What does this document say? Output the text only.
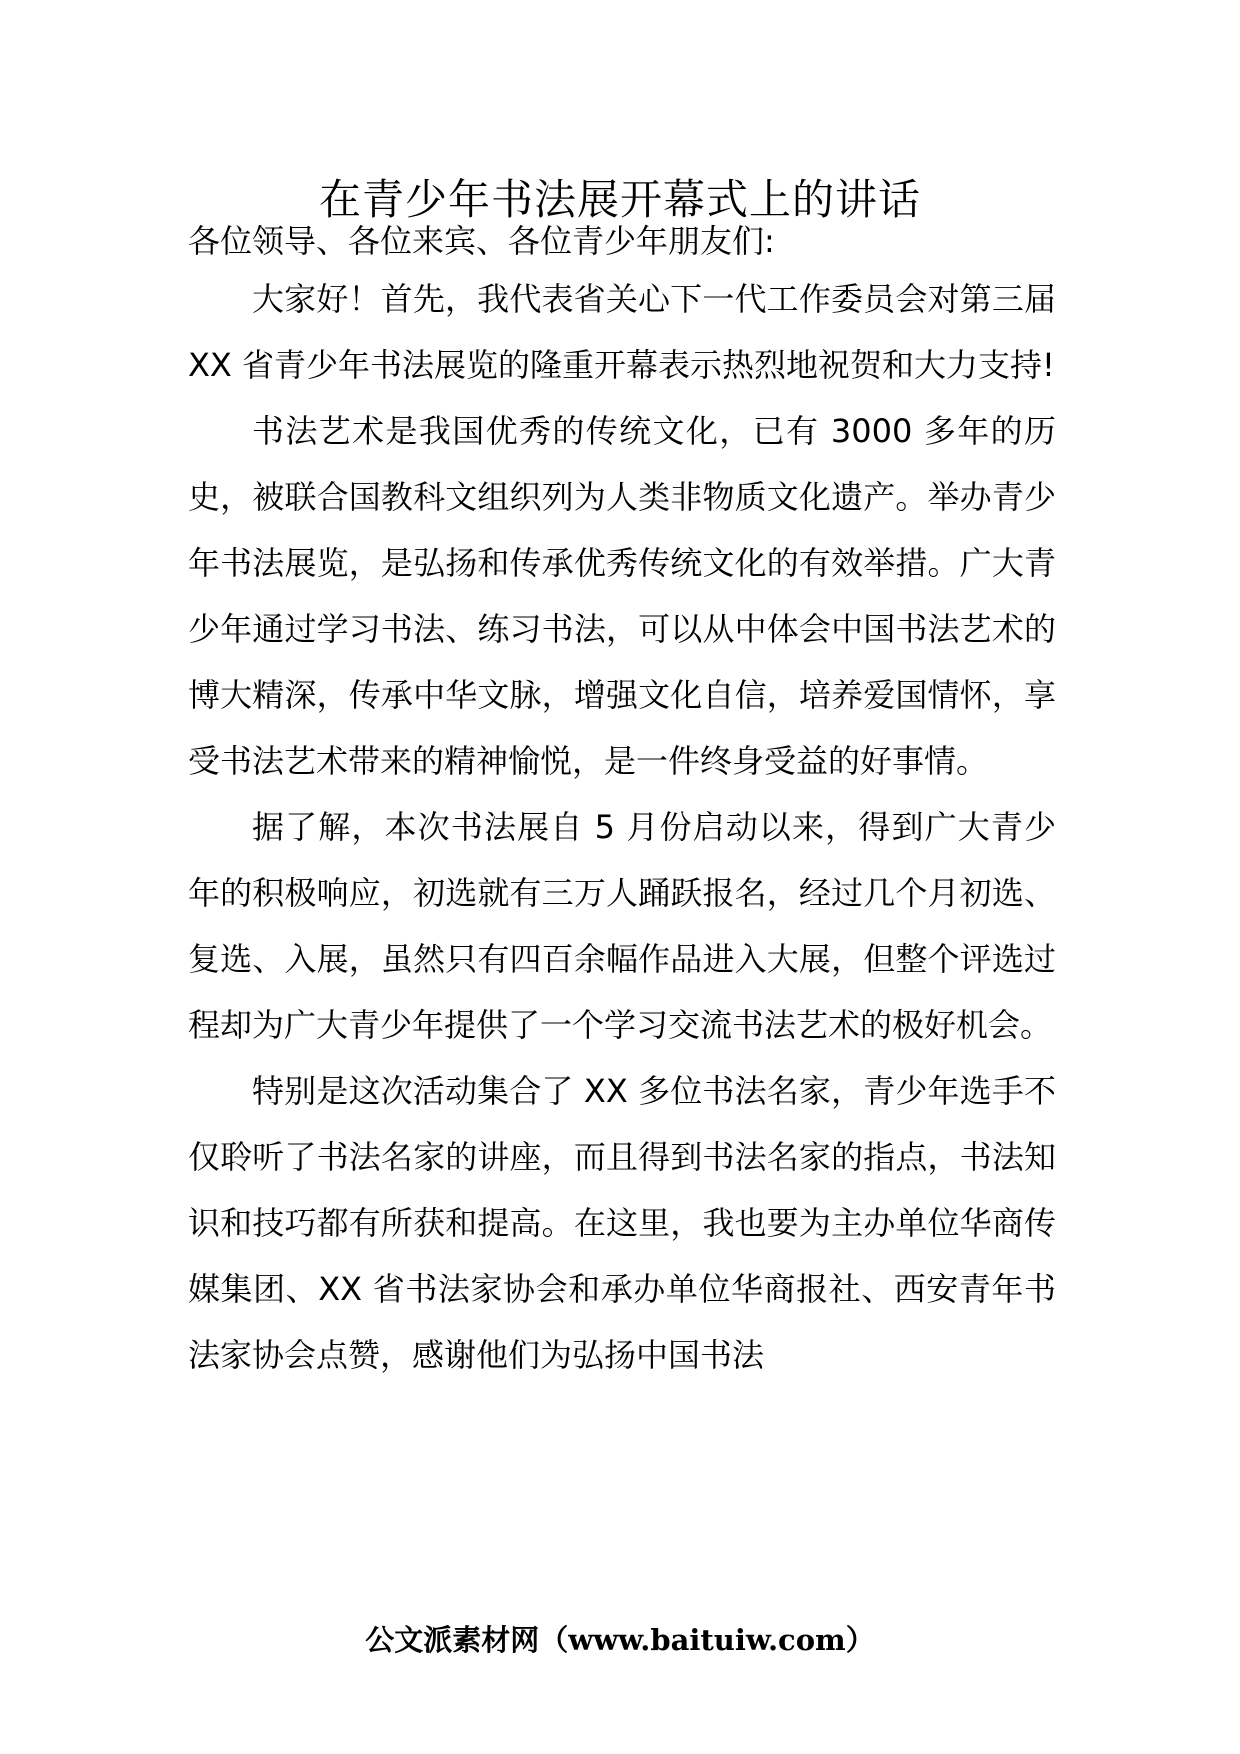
在青少年书法展开幕式上的讲话

各位领导、各位来宾、各位青少年朋友们:

大家好！首先，我代表省关心下一代工作委员会对第三届 XX 省青少年书法展览的隆重开幕表示热烈地祝贺和大力支持!

书法艺术是我国优秀的传统文化，已有 3000 多年的历史，被联合国教科文组织列为人类非物质文化遗产。举办青少年书法展览，是弘扬和传承优秀传统文化的有效举措。广大青少年通过学习书法、练习书法，可以从中体会中国书法艺术的博大精深，传承中华文脉，增强文化自信，培养爱国情怀，享受书法艺术带来的精神愉悦，是一件终身受益的好事情。

据了解，本次书法展自 5 月份启动以来，得到广大青少年的积极响应，初选就有三万人踊跃报名，经过几个月初选、复选、入展，虽然只有四百余幅作品进入大展，但整个评选过程却为广大青少年提供了一个学习交流书法艺术的极好机会。

特别是这次活动集合了 XX 多位书法名家，青少年选手不仅聆听了书法名家的讲座，而且得到书法名家的指点，书法知识和技巧都有所获和提高。在这里，我也要为主办单位华商传媒集团、XX 省书法家协会和承办单位华商报社、西安青年书法家协会点赞，感谢他们为弘扬中国书法

公文派素材网（www.baituiw.com）
